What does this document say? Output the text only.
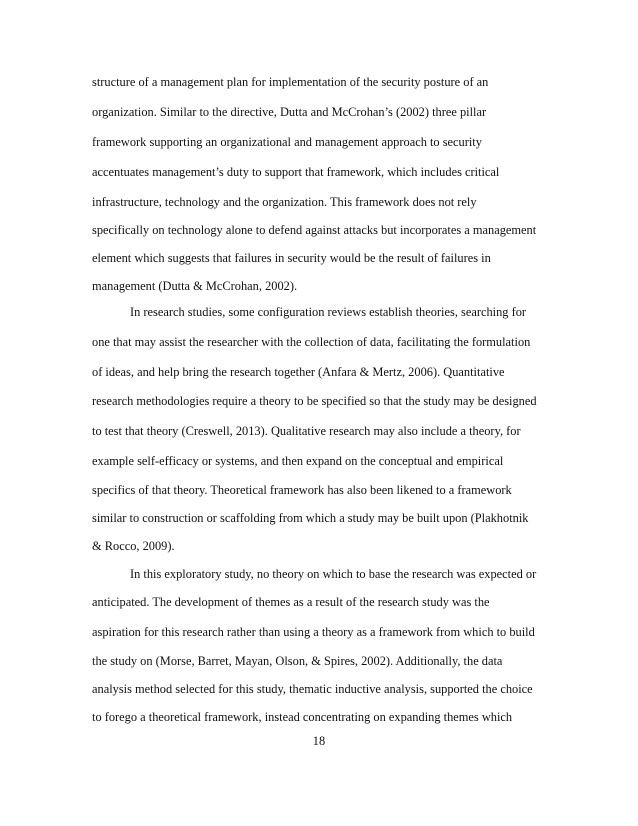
structure of a management plan for implementation of the security posture of an
organization. Similar to the directive, Dutta and McCrohan’s (2002) three pillar
framework supporting an organizational and management approach to security
accentuates management’s duty to support that framework, which includes critical
infrastructure, technology and the organization. This framework does not rely
specifically on technology alone to defend against attacks but incorporates a management
element which suggests that failures in security would be the result of failures in
management (Dutta & McCrohan, 2002).
In research studies, some configuration reviews establish theories, searching for
one that may assist the researcher with the collection of data, facilitating the formulation
of ideas, and help bring the research together (Anfara & Mertz, 2006). Quantitative
research methodologies require a theory to be specified so that the study may be designed
to test that theory (Creswell, 2013). Qualitative research may also include a theory, for
example self-efficacy or systems, and then expand on the conceptual and empirical
specifics of that theory. Theoretical framework has also been likened to a framework
similar to construction or scaffolding from which a study may be built upon (Plakhotnik
& Rocco, 2009).
In this exploratory study, no theory on which to base the research was expected or
anticipated. The development of themes as a result of the research study was the
aspiration for this research rather than using a theory as a framework from which to build
the study on (Morse, Barret, Mayan, Olson, & Spires, 2002). Additionally, the data
analysis method selected for this study, thematic inductive analysis, supported the choice
to forego a theoretical framework, instead concentrating on expanding themes which
18
